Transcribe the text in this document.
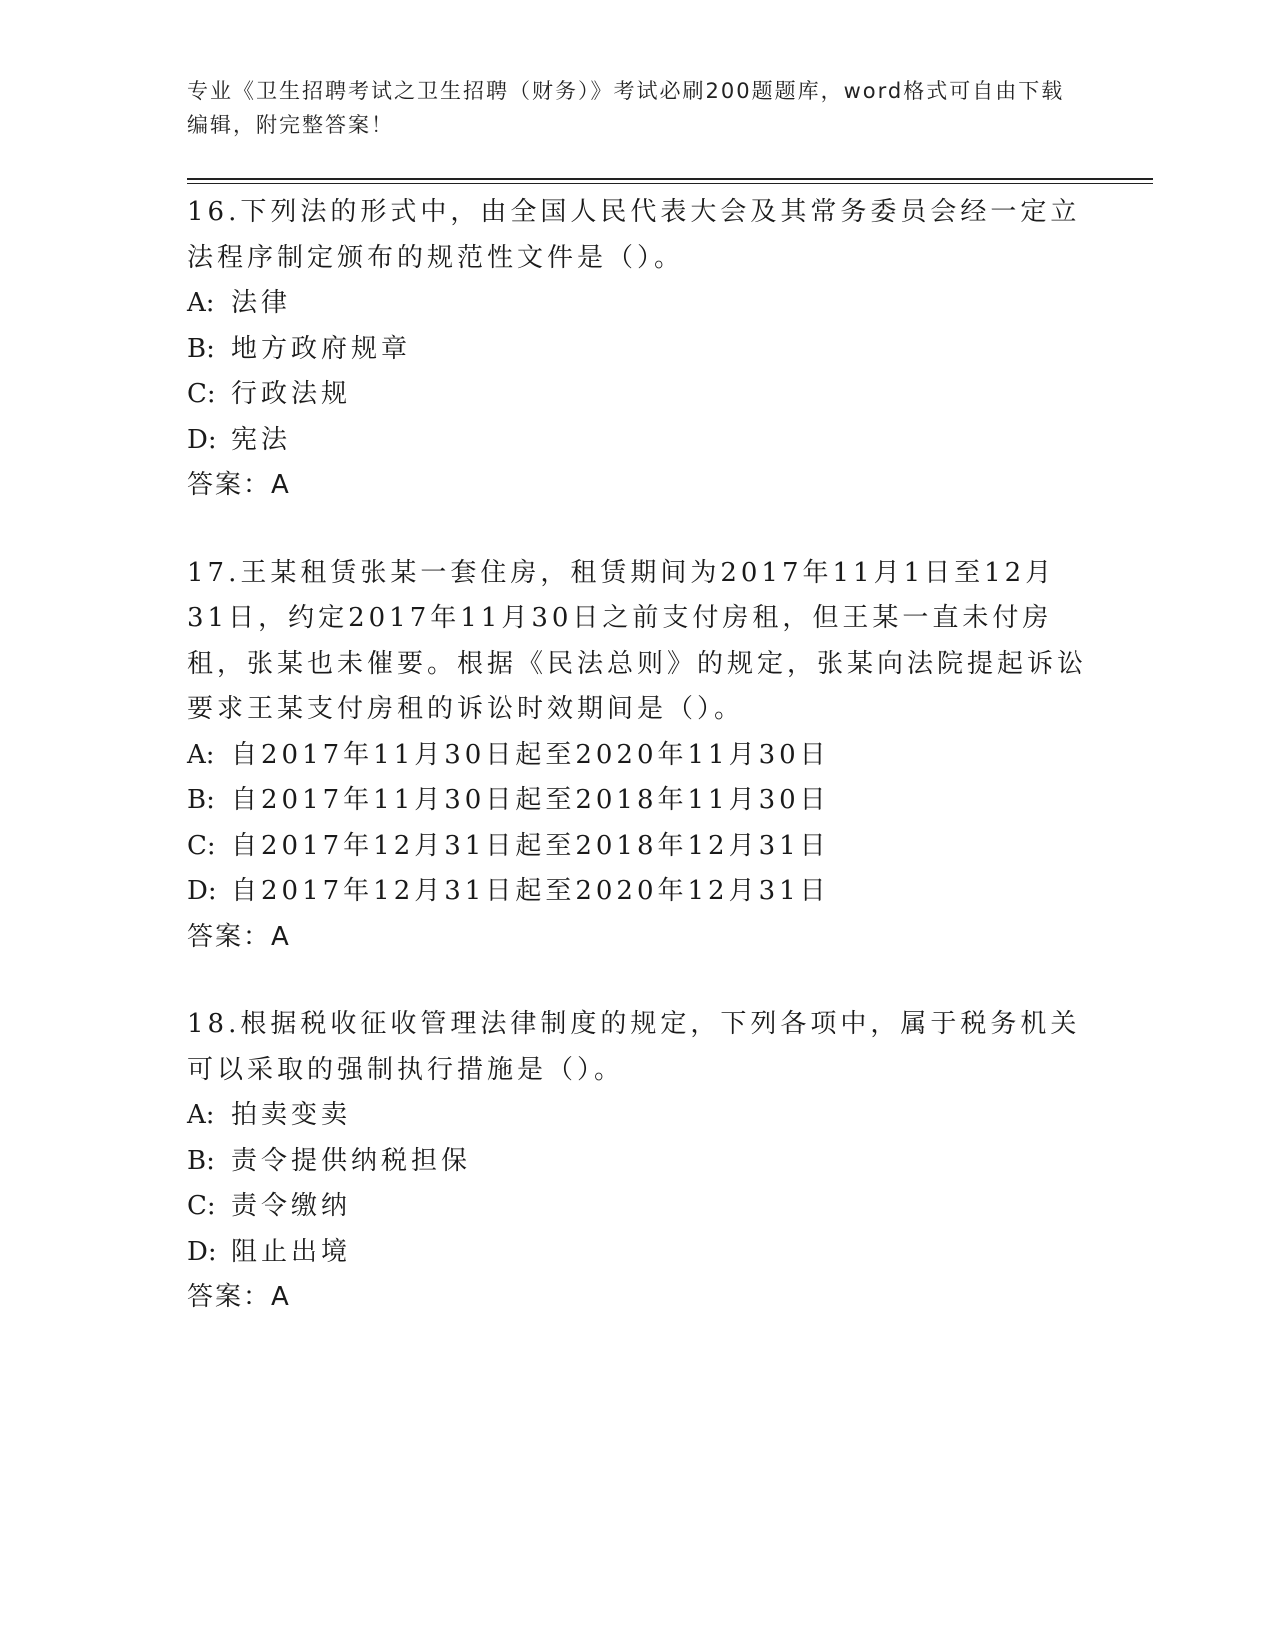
专业《卫生招聘考试之卫生招聘（财务）》考试必刷200题题库，word格式可自由下载编辑，附完整答案！

16.下列法的形式中，由全国人民代表大会及其常务委员会经一定立法程序制定颁布的规范性文件是（）。

A: 法律

B: 地方政府规章

C: 行政法规

D: 宪法

答案：A

17.王某租赁张某一套住房，租赁期间为2017年11月1日至12月31日，约定2017年11月30日之前支付房租，但王某一直未付房租，张某也未催要。根据《民法总则》的规定，张某向法院提起诉讼要求王某支付房租的诉讼时效期间是（）。

A: 自2017年11月30日起至2020年11月30日

B: 自2017年11月30日起至2018年11月30日

C: 自2017年12月31日起至2018年12月31日

D: 自2017年12月31日起至2020年12月31日

答案：A

18.根据税收征收管理法律制度的规定，下列各项中，属于税务机关可以采取的强制执行措施是（）。

A: 拍卖变卖

B: 责令提供纳税担保

C: 责令缴纳

D: 阻止出境

答案：A
